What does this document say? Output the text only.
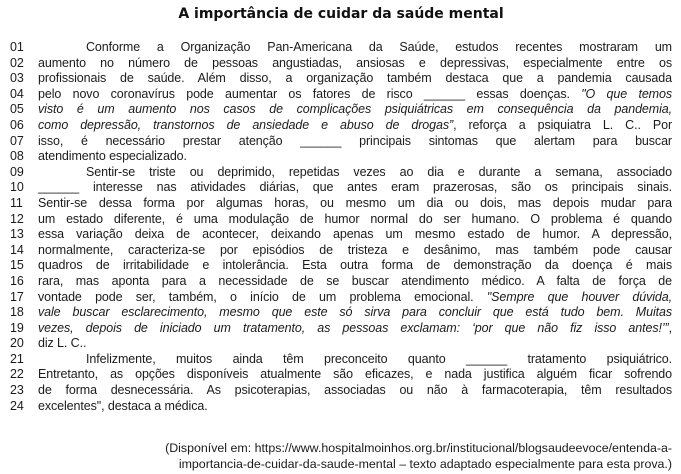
A importância de cuidar da saúde mental
01	Conforme a Organização Pan-Americana da Saúde, estudos recentes mostraram um
02	aumento no número de pessoas angustiadas, ansiosas e depressivas, especialmente entre os
03	profissionais de saúde. Além disso, a organização também destaca que a pandemia causada
04	pelo novo coronavírus pode aumentar os fatores de risco ______ essas doenças. "O que temos
05	visto é um aumento nos casos de complicações psiquiátricas em consequência da pandemia,
06	como depressão, transtornos de ansiedade e abuso de drogas”, reforça a psiquiatra L. C.. Por
07	isso, é necessário prestar atenção ______ principais sintomas que alertam para buscar
08	atendimento especializado.
09	Sentir-se triste ou deprimido, repetidas vezes ao dia e durante a semana, associado
10	______ interesse nas atividades diárias, que antes eram prazerosas, são os principais sinais.
11	Sentir-se dessa forma por algumas horas, ou mesmo um dia ou dois, mas depois mudar para
12	um estado diferente, é uma modulação de humor normal do ser humano. O problema é quando
13	essa variação deixa de acontecer, deixando apenas um mesmo estado de humor. A depressão,
14	normalmente, caracteriza-se por episódios de tristeza e desânimo, mas também pode causar
15	quadros de irritabilidade e intolerância. Esta outra forma de demonstração da doença é mais
16	rara, mas aponta para a necessidade de se buscar atendimento médico. A falta de força de
17	vontade pode ser, também, o início de um problema emocional. "Sempre que houver dúvida,
18	vale buscar esclarecimento, mesmo que este só sirva para concluir que está tudo bem. Muitas
19	vezes, depois de iniciado um tratamento, as pessoas exclamam: ‘por que não fiz isso antes!’”,
20	diz L. C..
21	Infelizmente, muitos ainda têm preconceito quanto ______ tratamento psiquiátrico.
22	Entretanto, as opções disponíveis atualmente são eficazes, e nada justifica alguém ficar sofrendo
23	de forma desnecessária. As psicoterapias, associadas ou não à farmacoterapia, têm resultados
24	excelentes", destaca a médica.
(Disponível em: https://www.hospitalmoinhos.org.br/institucional/blogsaudeevoce/entenda-a-
importancia-de-cuidar-da-saude-mental – texto adaptado especialmente para esta prova.)
